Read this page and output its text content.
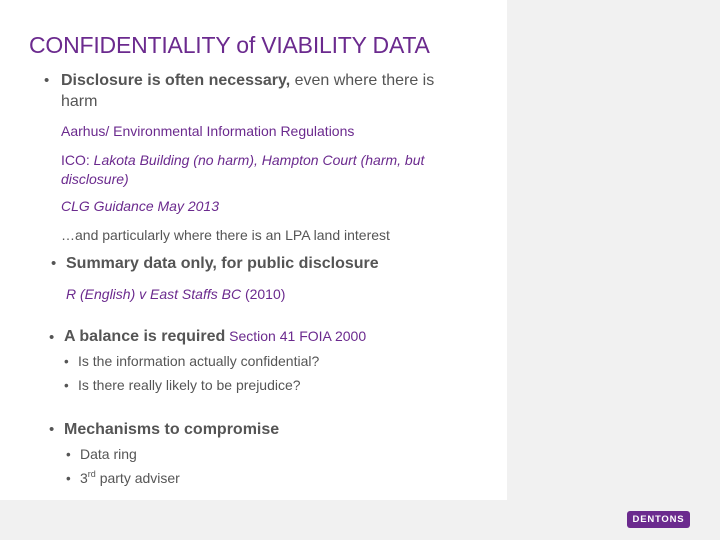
CONFIDENTIALITY of VIABILITY DATA
• Disclosure is often necessary, even where there is
harm
Aarhus/ Environmental Information Regulations
ICO: Lakota Building (no harm), Hampton Court (harm, but
disclosure)
CLG Guidance May 2013
…and particularly where there is an LPA land interest
• Summary data only, for public disclosure
R (English) v East Staffs BC (2010)
• A balance is required Section 41 FOIA 2000
• Is the information actually confidential?
• Is there really likely to be prejudice?
• Mechanisms to compromise
• Data ring
• 3rd party adviser
DENTONS
